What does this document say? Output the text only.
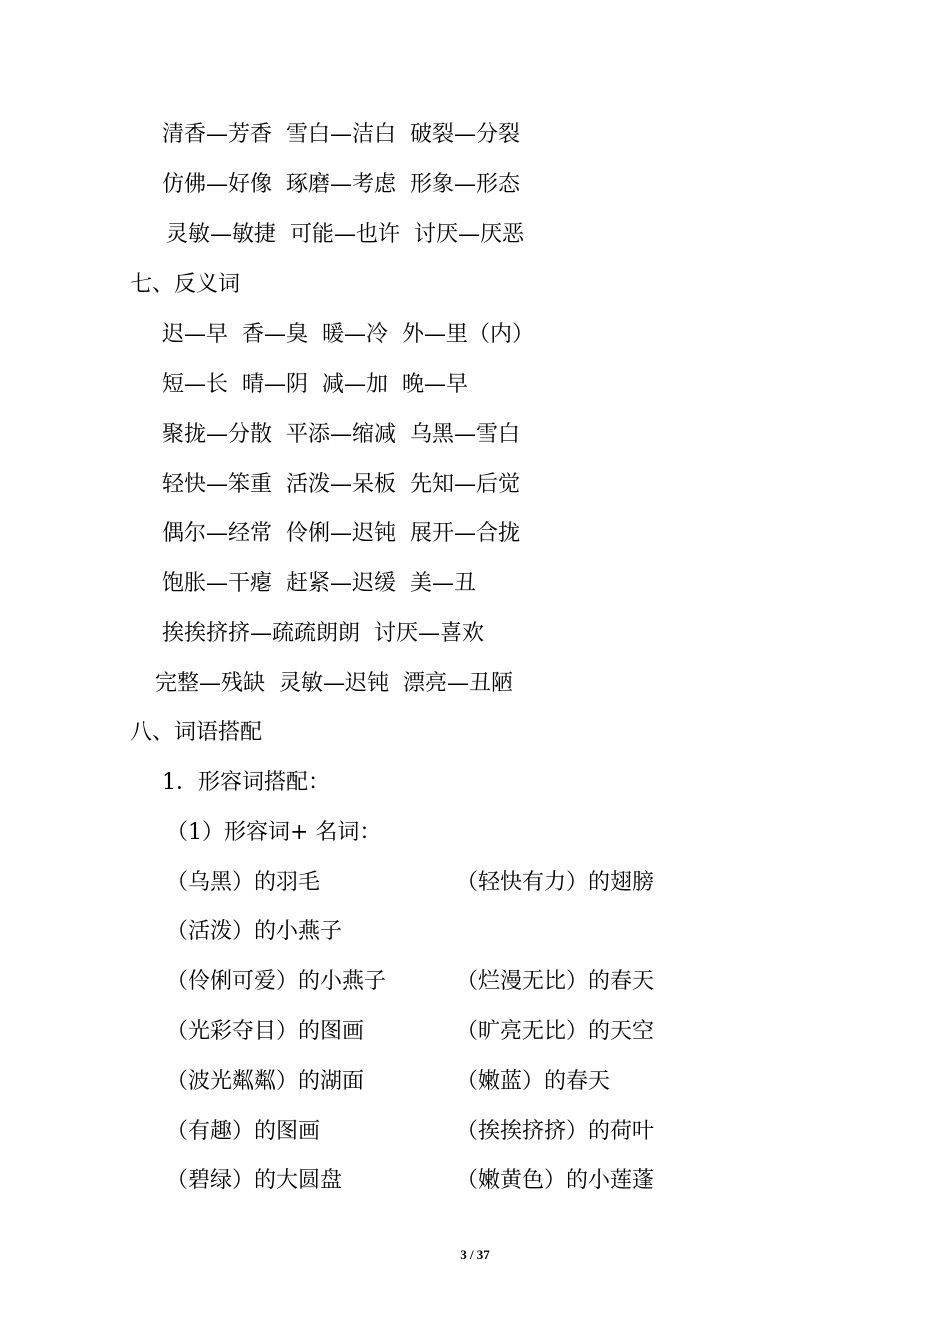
清香—芳香  雪白—洁白  破裂—分裂
仿佛—好像  琢磨—考虑  形象—形态
灵敏—敏捷  可能—也许  讨厌—厌恶
七、反义词
迟—早  香—臭  暖—冷  外—里（内）
短—长  晴—阴  减—加  晚—早
聚拢—分散  平添—缩减  乌黑—雪白
轻快—笨重  活泼—呆板  先知—后觉
偶尔—经常  伶俐—迟钝  展开—合拢
饱胀—干瘪  赶紧—迟缓  美—丑
挨挨挤挤—疏疏朗朗  讨厌—喜欢
完整—残缺  灵敏—迟钝  漂亮—丑陋
八、词语搭配
1．形容词搭配：
（1）形容词+ 名词：
（乌黑）的羽毛	（轻快有力）的翅膀
（活泼）的小燕子
（伶俐可爱）的小燕子	（烂漫无比）的春天
（光彩夺目）的图画	（旷亮无比）的天空
（波光粼粼）的湖面	（嫩蓝）的春天
（有趣）的图画	（挨挨挤挤）的荷叶
（碧绿）的大圆盘	（嫩黄色）的小莲蓬
3 / 37
